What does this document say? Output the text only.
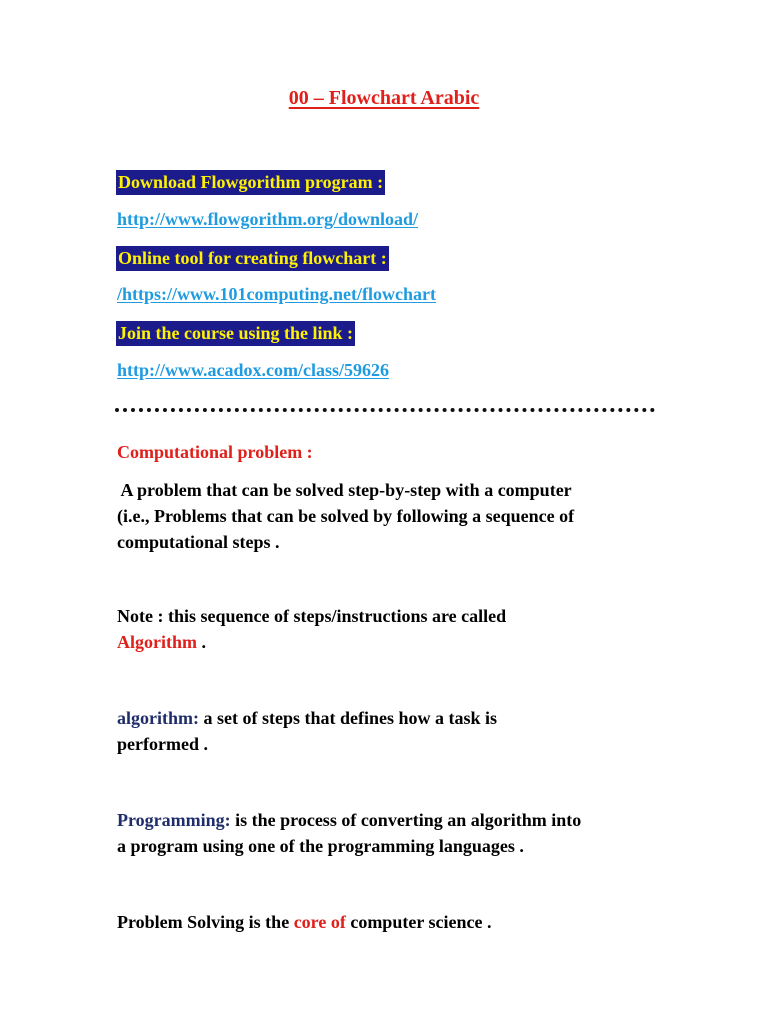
00 – Flowchart Arabic
Download Flowgorithm program :
http://www.flowgorithm.org/download/
Online tool for creating flowchart :
/https://www.101computing.net/flowchart
Join the course using the link :
http://www.acadox.com/class/59626
Computational problem :
A problem that can be solved step-by-step with a computer
(i.e., Problems that can be solved by following a sequence of
computational steps .
Note : this sequence of steps/instructions are called
Algorithm .
algorithm: a set of steps that defines how a task is
performed .
Programming: is the process of converting an algorithm into
a program using one of the programming languages .
Problem Solving is the core of computer science .
